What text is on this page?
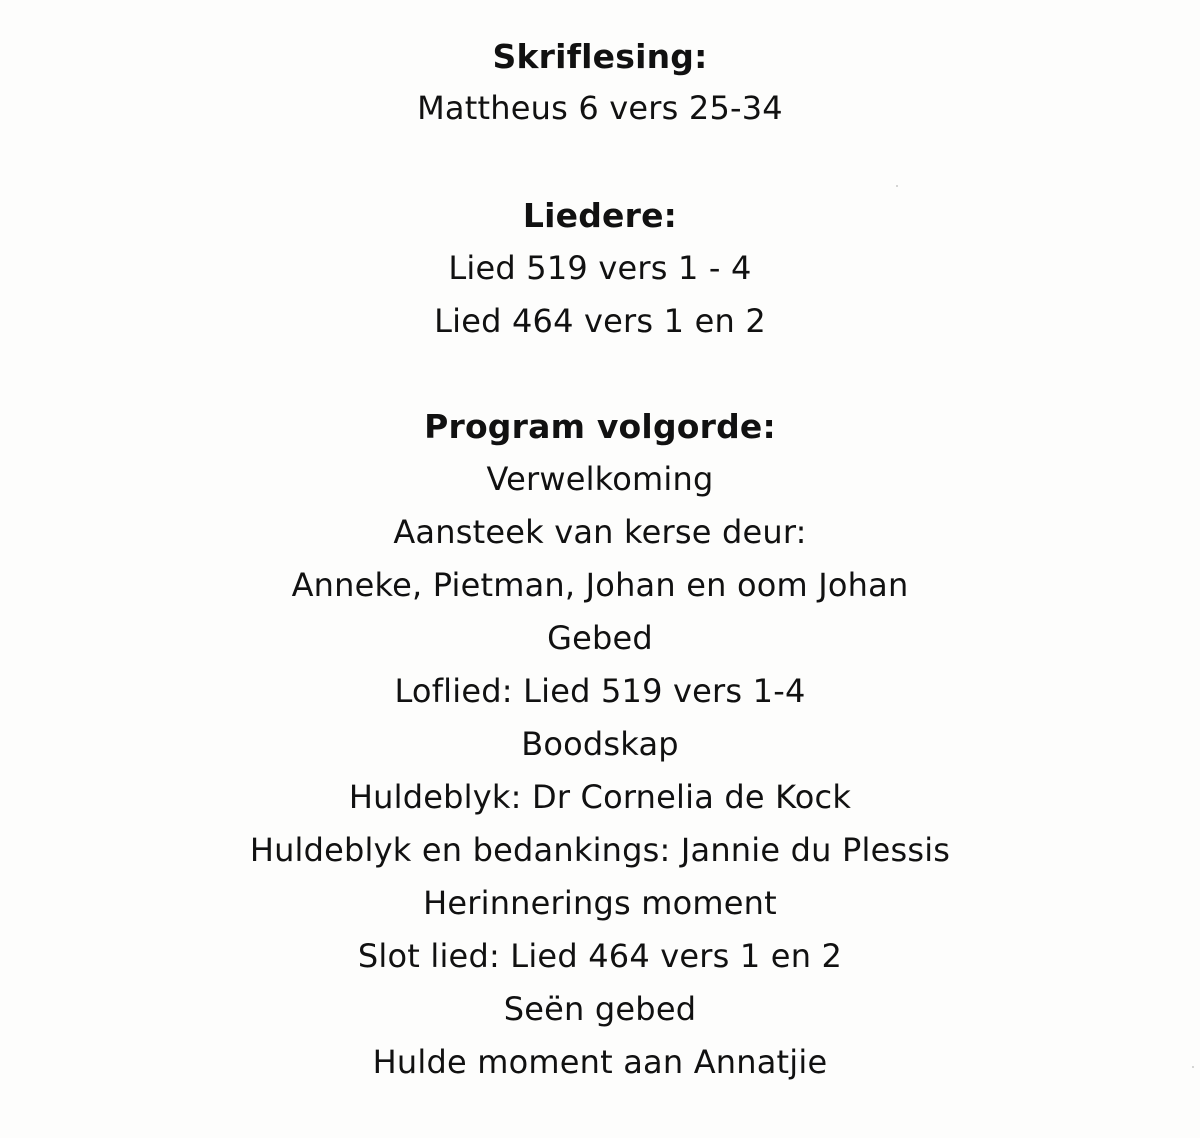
Skriflesing:

Mattheus 6 vers 25-34

Liedere:

Lied 519 vers 1 - 4

Lied 464 vers 1 en 2

Program volgorde:

Verwelkoming

Aansteek van kerse deur:

Anneke, Pietman, Johan en oom Johan

Gebed

Loflied: Lied 519 vers 1-4

Boodskap

Huldeblyk: Dr Cornelia de Kock

Huldeblyk en bedankings: Jannie du Plessis

Herinnerings moment

Slot lied: Lied 464 vers 1 en 2

Seën gebed

Hulde moment aan Annatjie
